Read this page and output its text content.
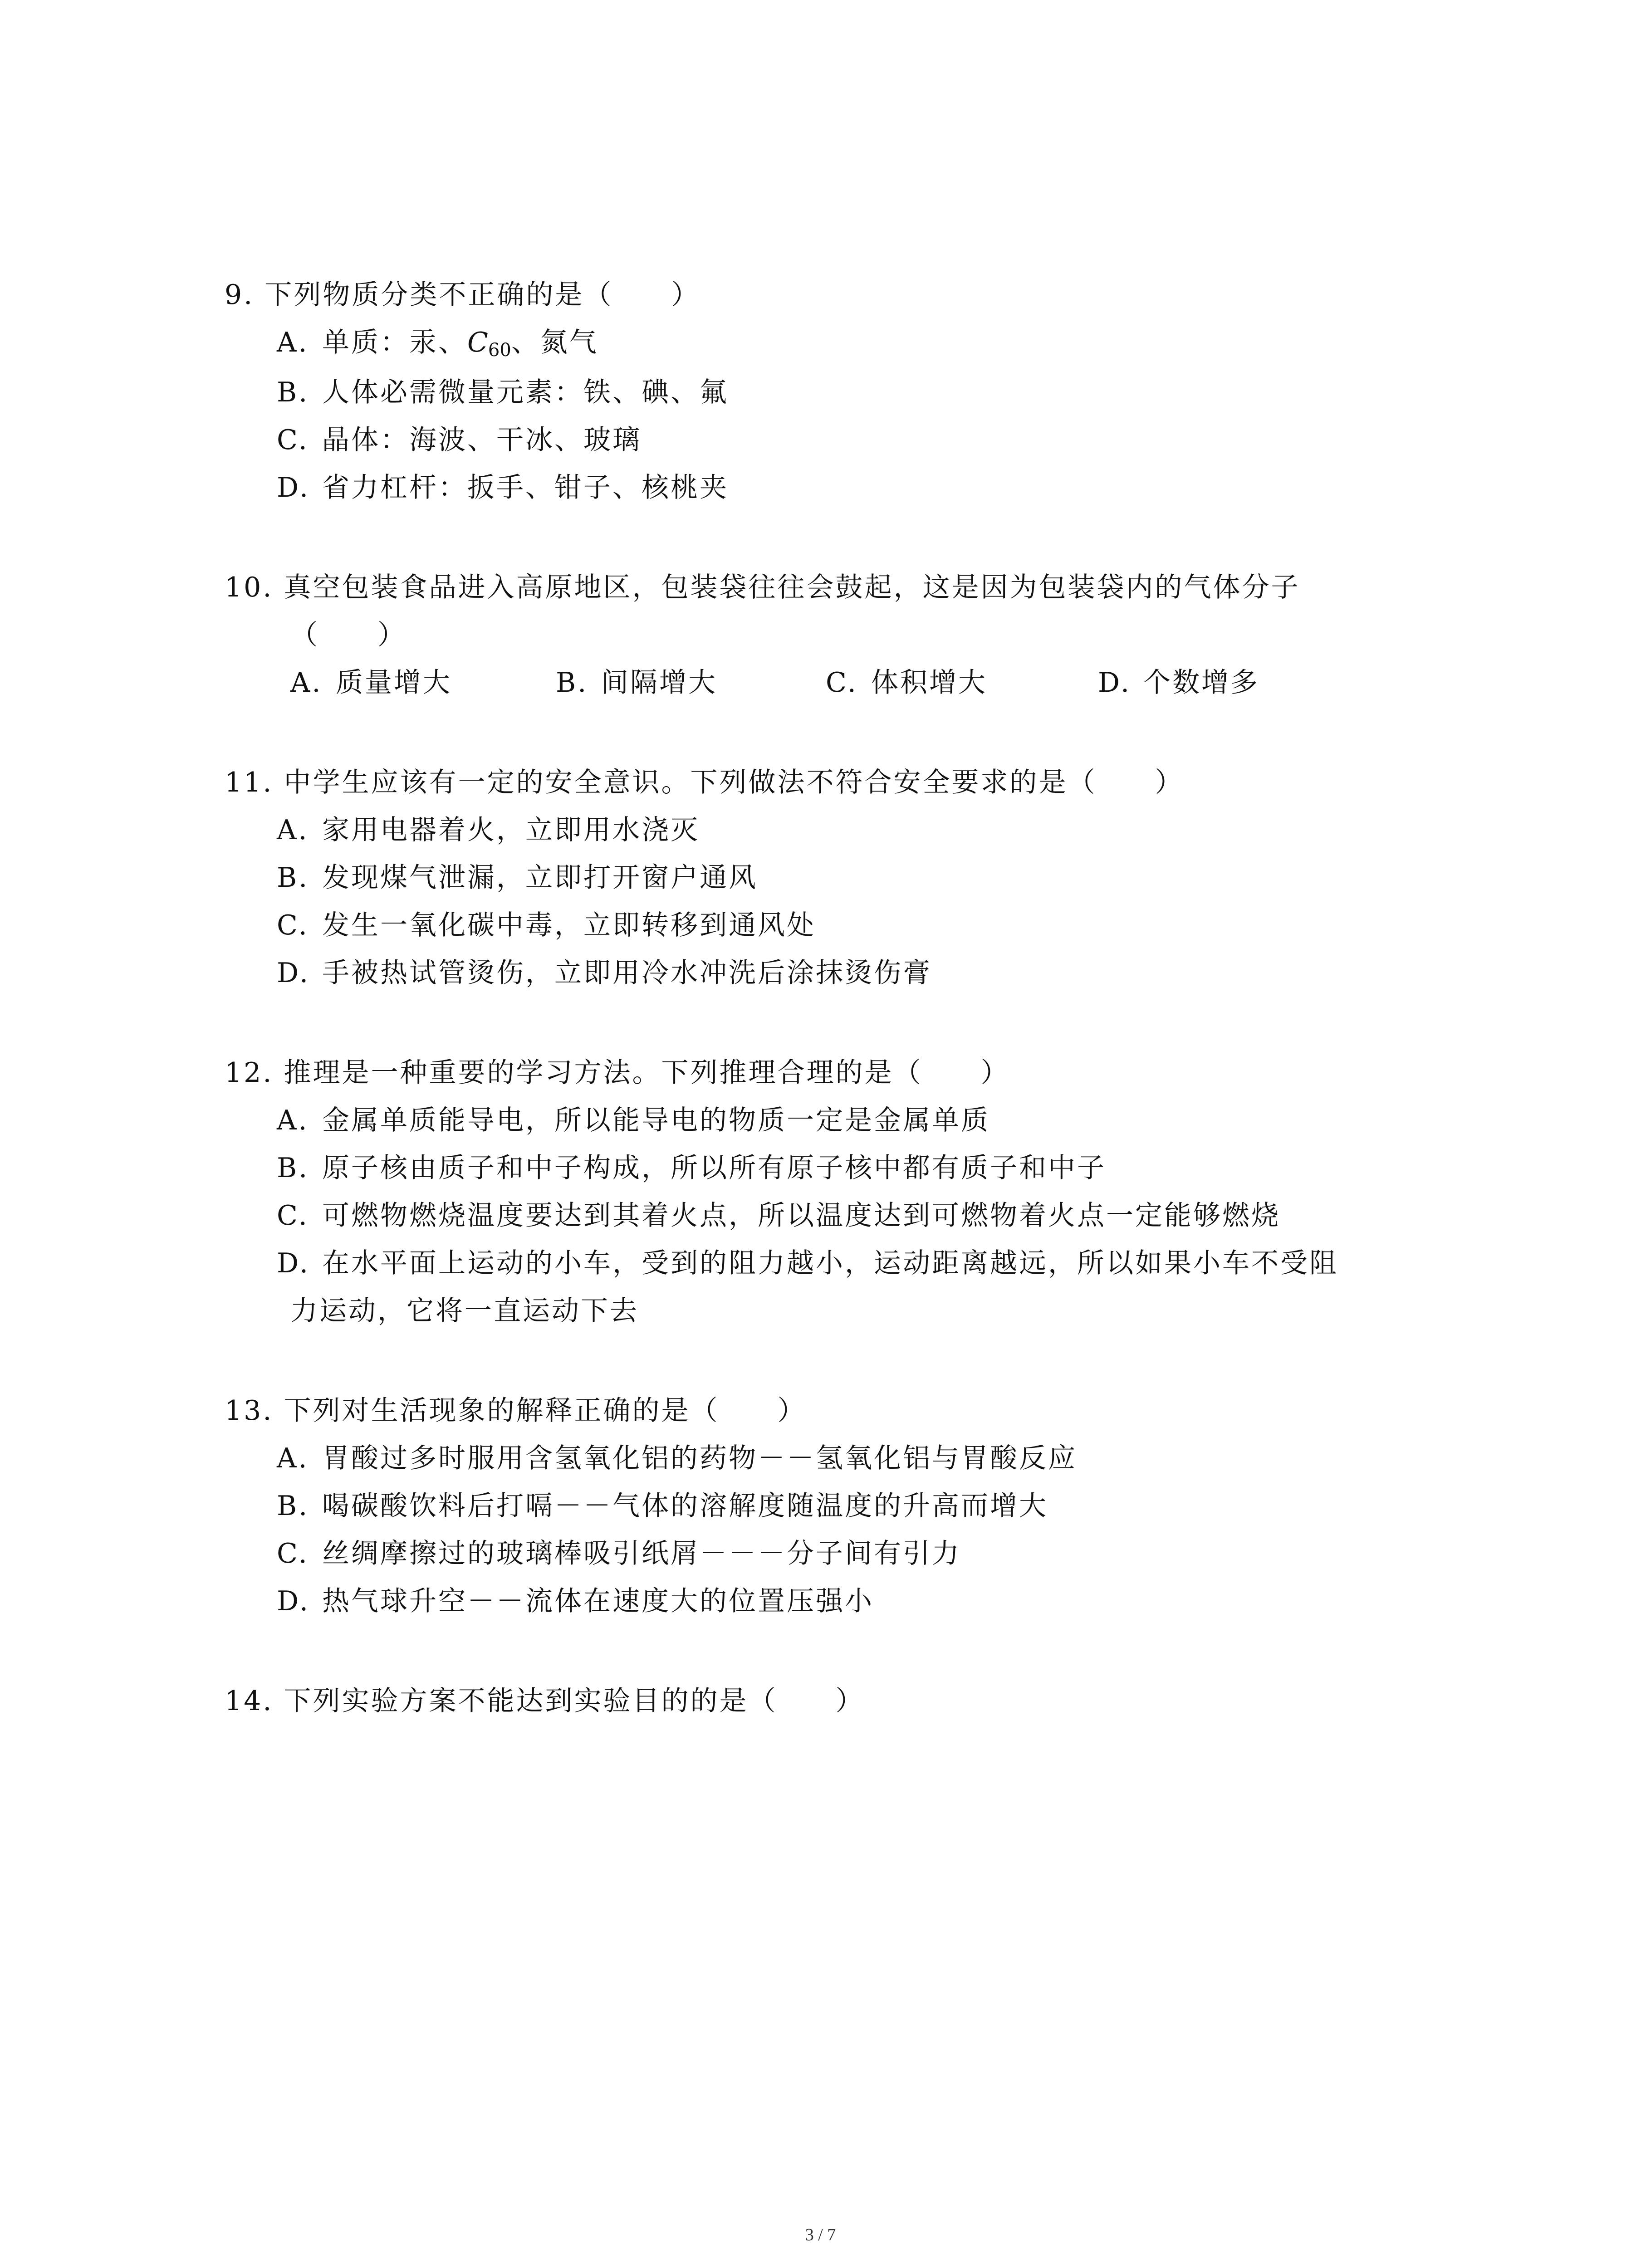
9. 下列物质分类不正确的是（　　）
A. 单质：汞、$C_{60}$、氮气
B. 人体必需微量元素：铁、碘、氟
C. 晶体：海波、干冰、玻璃
D. 省力杠杆：扳手、钳子、核桃夹
10. 真空包装食品进入高原地区，包装袋往往会鼓起，这是因为包装袋内的气体分子
（　　）
A. 质量增大	B. 间隔增大	C. 体积增大	D. 个数增多
11. 中学生应该有一定的安全意识。下列做法不符合安全要求的是（　　）
A. 家用电器着火，立即用水浇灭
B. 发现煤气泄漏，立即打开窗户通风
C. 发生一氧化碳中毒，立即转移到通风处
D. 手被热试管烫伤，立即用冷水冲洗后涂抹烫伤膏
12. 推理是一种重要的学习方法。下列推理合理的是（　　）
A. 金属单质能导电，所以能导电的物质一定是金属单质
B. 原子核由质子和中子构成，所以所有原子核中都有质子和中子
C. 可燃物燃烧温度要达到其着火点，所以温度达到可燃物着火点一定能够燃烧
D. 在水平面上运动的小车，受到的阻力越小，运动距离越远，所以如果小车不受阻
力运动，它将一直运动下去
13. 下列对生活现象的解释正确的是（　　）
A. 胃酸过多时服用含氢氧化铝的药物－－氢氧化铝与胃酸反应
B. 喝碳酸饮料后打嗝－－气体的溶解度随温度的升高而增大
C. 丝绸摩擦过的玻璃棒吸引纸屑－－－分子间有引力
D. 热气球升空－－流体在速度大的位置压强小
14. 下列实验方案不能达到实验目的的是（　　）
3 / 7
